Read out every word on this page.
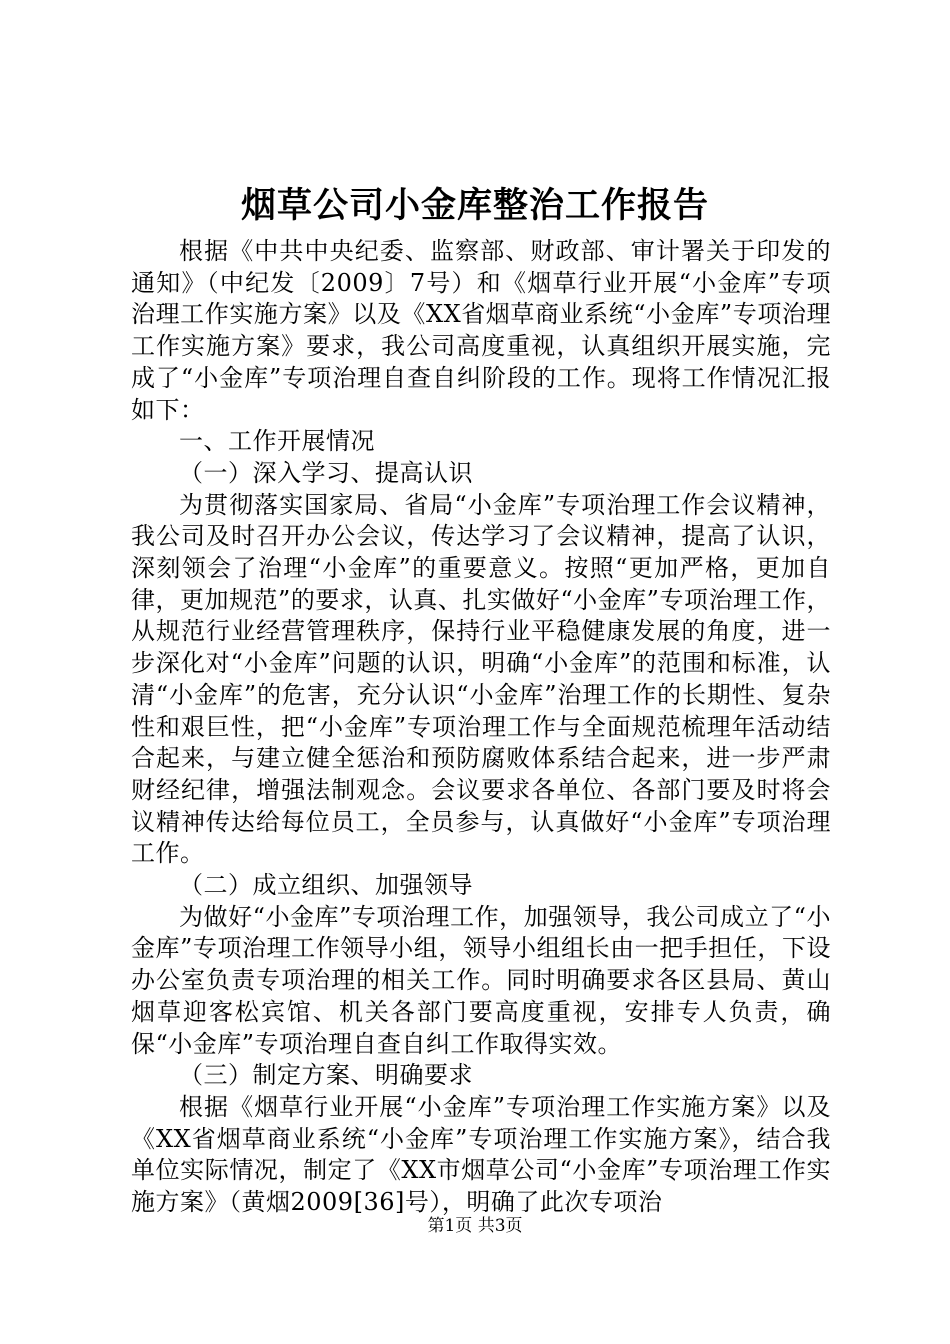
烟草公司小金库整治工作报告

根据《中共中央纪委、监察部、财政部、审计署关于印发的通知》（中纪发〔2009〕7号）和《烟草行业开展“小金库”专项治理工作实施方案》以及《XX省烟草商业系统“小金库”专项治理工作实施方案》要求，我公司高度重视，认真组织开展实施，完成了“小金库”专项治理自查自纠阶段的工作。现将工作情况汇报如下：

一、工作开展情况

（一）深入学习、提高认识

为贯彻落实国家局、省局“小金库”专项治理工作会议精神，我公司及时召开办公会议，传达学习了会议精神，提高了认识，深刻领会了治理“小金库”的重要意义。按照“更加严格，更加自律，更加规范”的要求，认真、扎实做好“小金库”专项治理工作，从规范行业经营管理秩序，保持行业平稳健康发展的角度，进一步深化对“小金库”问题的认识，明确“小金库”的范围和标准，认清“小金库”的危害，充分认识“小金库”治理工作的长期性、复杂性和艰巨性，把“小金库”专项治理工作与全面规范梳理年活动结合起来，与建立健全惩治和预防腐败体系结合起来，进一步严肃财经纪律，增强法制观念。会议要求各单位、各部门要及时将会议精神传达给每位员工，全员参与，认真做好“小金库”专项治理工作。

（二）成立组织、加强领导

为做好“小金库”专项治理工作，加强领导，我公司成立了“小金库”专项治理工作领导小组，领导小组组长由一把手担任，下设办公室负责专项治理的相关工作。同时明确要求各区县局、黄山烟草迎客松宾馆、机关各部门要高度重视，安排专人负责，确保“小金库”专项治理自查自纠工作取得实效。

（三）制定方案、明确要求

根据《烟草行业开展“小金库”专项治理工作实施方案》以及《XX省烟草商业系统“小金库”专项治理工作实施方案》，结合我单位实际情况，制定了《XX市烟草公司“小金库”专项治理工作实施方案》（黄烟2009[36]号），明确了此次专项治

第1页 共3页
